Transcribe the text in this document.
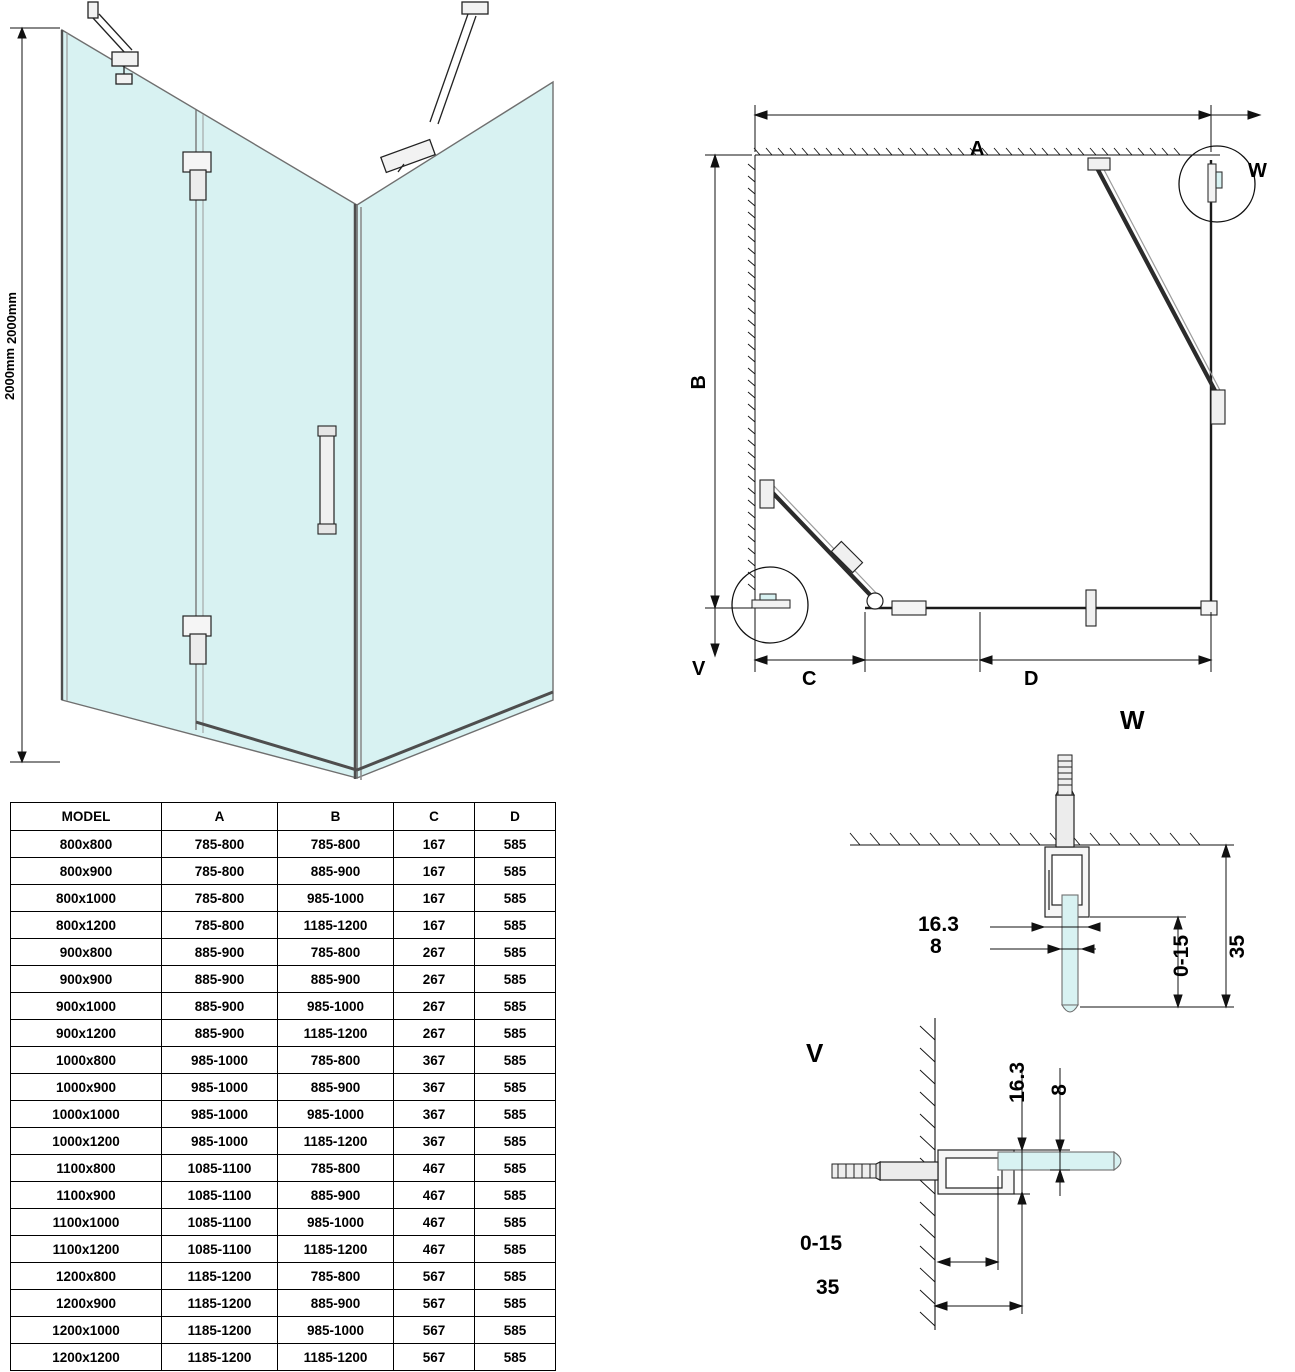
2000mm
2000mm
A
W
B
V	C	D
W
16.3
8	0-15 35
V
16.3 8
0-15
35
MODEL	A	B	C	D
800x800	785-800	785-800	167	585
800x900	785-800	885-900	167	585
800x1000	785-800	985-1000	167	585
800x1200	785-800	1185-1200	167	585
900x800	885-900	785-800	267	585
900x900	885-900	885-900	267	585
900x1000	885-900	985-1000	267	585
900x1200	885-900	1185-1200	267	585
1000x800	985-1000	785-800	367	585
1000x900	985-1000	885-900	367	585
1000x1000	985-1000	985-1000	367	585
1000x1200	985-1000	1185-1200	367	585
1100x800	1085-1100	785-800	467	585
1100x900	1085-1100	885-900	467	585
1100x1000	1085-1100	985-1000	467	585
1100x1200	1085-1100	1185-1200	467	585
1200x800	1185-1200	785-800	567	585
1200x900	1185-1200	885-900	567	585
1200x1000	1185-1200	985-1000	567	585
1200x1200	1185-1200	1185-1200	567	585
